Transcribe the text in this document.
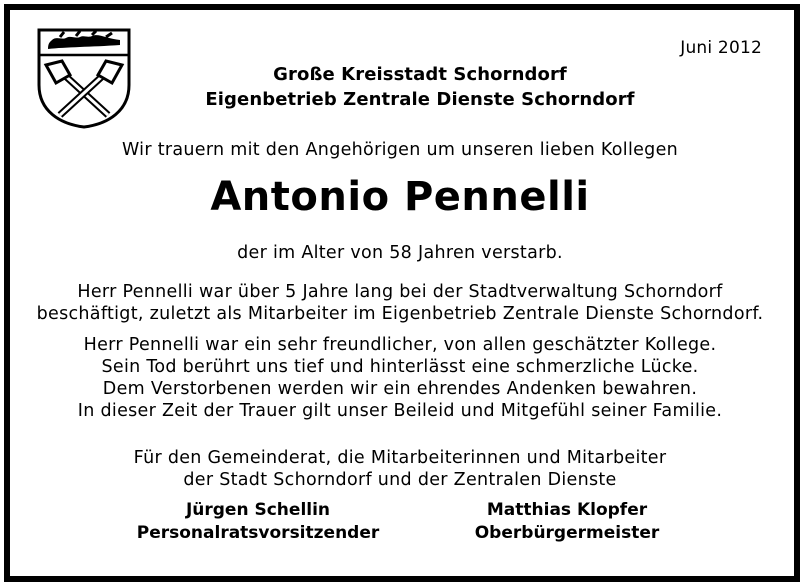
Juni 2012
Große Kreisstadt Schorndorf
Eigenbetrieb Zentrale Dienste Schorndorf
Wir trauern mit den Angehörigen um unseren lieben Kollegen
Antonio Pennelli
der im Alter von 58 Jahren verstarb.
Herr Pennelli war über 5 Jahre lang bei der Stadtverwaltung Schorndorf
beschäftigt, zuletzt als Mitarbeiter im Eigenbetrieb Zentrale Dienste Schorndorf.
Herr Pennelli war ein sehr freundlicher, von allen geschätzter Kollege.
Sein Tod berührt uns tief und hinterlässt eine schmerzliche Lücke.
Dem Verstorbenen werden wir ein ehrendes Andenken bewahren.
In dieser Zeit der Trauer gilt unser Beileid und Mitgefühl seiner Familie.
Für den Gemeinderat, die Mitarbeiterinnen und Mitarbeiter
der Stadt Schorndorf und der Zentralen Dienste
Jürgen Schellin
Personalratsvorsitzender
Matthias Klopfer
Oberbürgermeister
